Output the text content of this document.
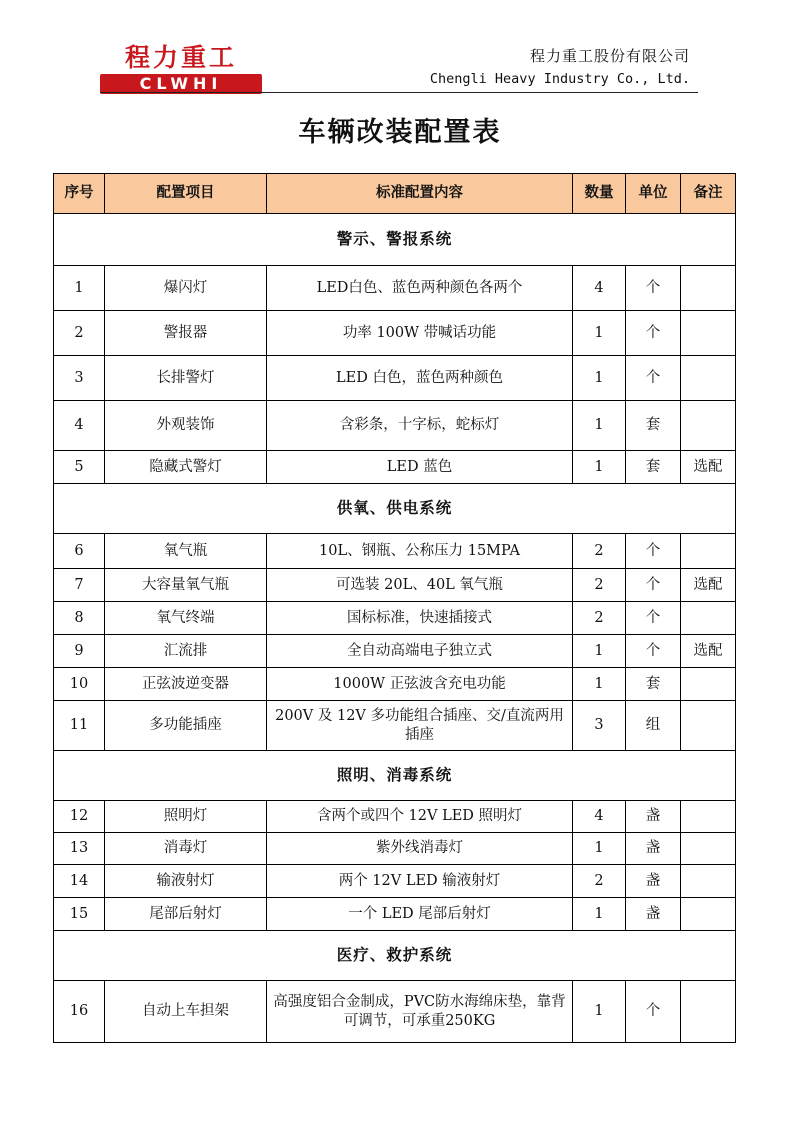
程力重工
CLWHI
程力重工股份有限公司
Chengli Heavy Industry Co., Ltd.
车辆改装配置表
序号	配置项目	标准配置内容	数量	单位	备注
警示、警报系统					
1	爆闪灯	LED白色、蓝色两种颜色各两个	4	个	
2	警报器	功率 100W 带喊话功能	1	个	
3	长排警灯	LED 白色，蓝色两种颜色	1	个	
4	外观装饰	含彩条，十字标，蛇标灯	1	套	
5	隐藏式警灯	LED 蓝色	1	套	选配
供氧、供电系统					
6	氧气瓶	10L、钢瓶、公称压力 15MPA	2	个	
7	大容量氧气瓶	可选装 20L、40L 氧气瓶	2	个	选配
8	氧气终端	国标标准，快速插接式	2	个	
9	汇流排	全自动高端电子独立式	1	个	选配
10	正弦波逆变器	1000W 正弦波含充电功能	1	套	
11	多功能插座	200V 及 12V 多功能组合插座、交/直流两用插座	3	组	
照明、消毒系统					
12	照明灯	含两个或四个 12V LED 照明灯	4	盏	
13	消毒灯	紫外线消毒灯	1	盏	
14	输液射灯	两个 12V LED 输液射灯	2	盏	
15	尾部后射灯	一个 LED 尾部后射灯	1	盏	
医疗、救护系统					
16	自动上车担架	高强度铝合金制成，PVC防水海绵床垫，靠背可调节，可承重250KG	1	个	
